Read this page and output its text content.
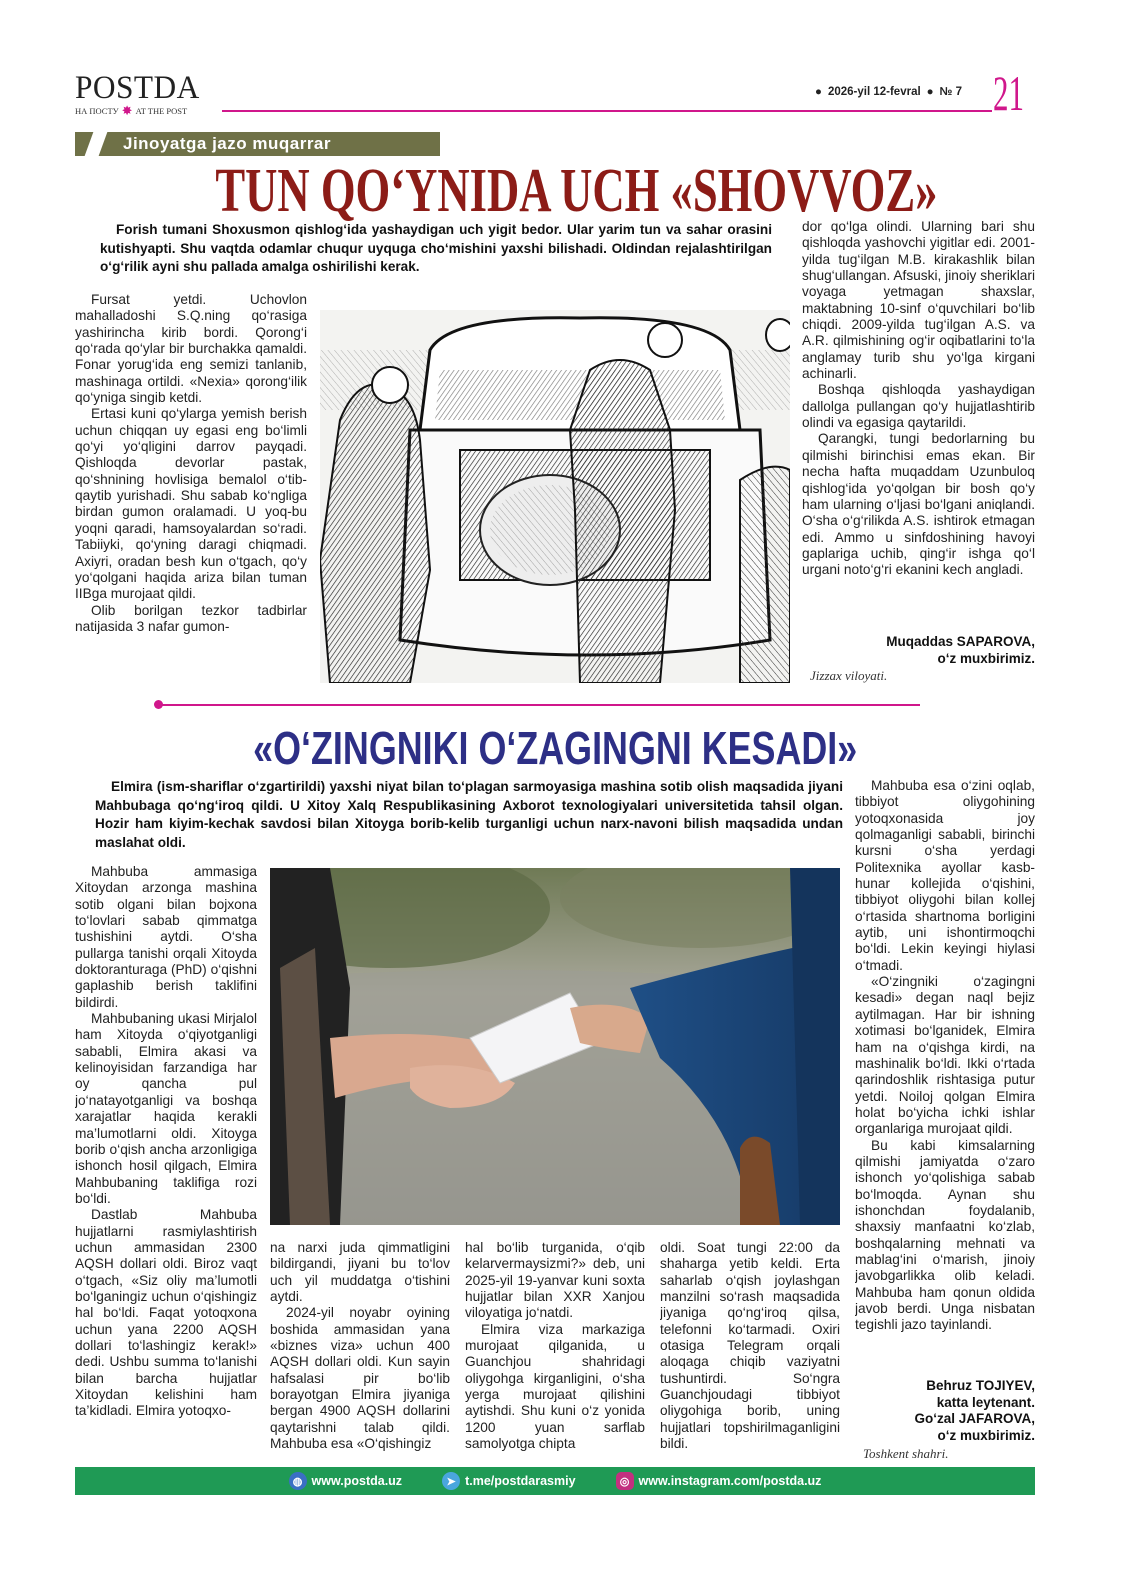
POSTDA
НА ПОСТУ ✸ AT THE POST
● 2026-yil 12-fevral ● № 7 21
Jinoyatga jazo muqarrar
TUN QO‘YNIDA UCH «SHOVVOZ»
Forish tumani Shoxusmon qishlog‘ida yashaydigan uch yigit bedor. Ular yarim tun va sahar orasini kutishyapti. Shu vaqtda odamlar chuqur uyquga cho‘mishini yaxshi bilishadi. Oldindan rejalashtirilgan o‘g‘rilik ayni shu pallada amalga oshirilishi kerak.

Fursat yetdi. Uchovlon mahalladoshi S.Q.ning qo‘rasiga yashirincha kirib bordi. Qorong‘i qo‘rada qo‘ylar bir burchakka qamaldi. Fonar yorug‘ida eng semizi tanlanib, mashinaga ortildi. «Nexia» qorong‘ilik qo‘yniga singib ketdi.

Ertasi kuni qo‘ylarga yemish berish uchun chiqqan uy egasi eng bo‘limli qo‘yi yo‘qligini darrov payqadi. Qishloqda devorlar pastak, qo‘shnining hovlisiga bemalol o‘tib-qaytib yurishadi. Shu sabab ko‘ngliga birdan gumon oralamadi. U yoq-bu yoqni qaradi, hamsoyalardan so‘radi. Tabiiyki, qo‘yning daragi chiqmadi. Axiyri, oradan besh kun o‘tgach, qo‘y yo‘qolgani haqida ariza bilan tuman IIBga murojaat qildi.

Olib borilgan tezkor tadbirlar natijasida 3 nafar gumon-

dor qo‘lga olindi. Ularning bari shu qishloqda yashovchi yigitlar edi. 2001-yilda tug‘ilgan M.B. kirakashlik bilan shug‘ullangan. Afsuski, jinoiy sheriklari voyaga yetmagan shaxslar, maktabning 10-sinf o‘quvchilari bo‘lib chiqdi. 2009-yilda tug‘ilgan A.S. va A.R. qilmishining og‘ir oqibatlarini to‘la anglamay turib shu yo‘lga kirgani achinarli.

Boshqa qishloqda yashaydigan dallolga pullangan qo‘y hujjatlashtirib olindi va egasiga qaytarildi.

Qarangki, tungi bedorlarning bu qilmishi birinchisi emas ekan. Bir necha hafta muqaddam Uzunbuloq qishlog‘ida yo‘qolgan bir bosh qo‘y ham ularning o‘ljasi bo‘lgani aniqlandi. O‘sha o‘g‘rilikda A.S. ishtirok etmagan edi. Ammo u sinfdoshining havoyi gaplariga uchib, qing‘ir ishga qo‘l urgani noto‘g‘ri ekanini kech angladi.

Muqaddas SAPAROVA,
o‘z muxbirimiz.
Jizzax viloyati.
«O‘ZINGNIKI O‘ZAGINGNI KESADI»
Elmira (ism-shariflar o‘zgartirildi) yaxshi niyat bilan to‘plagan sarmoyasiga mashina sotib olish maqsadida jiyani Mahbubaga qo‘ng‘iroq qildi. U Xitoy Xalq Respublikasining Axborot texnologiyalari universitetida tahsil olgan. Hozir ham kiyim-kechak savdosi bilan Xitoyga borib-kelib turganligi uchun narx-navoni bilish maqsadida undan maslahat oldi.

Mahbuba ammasiga Xitoydan arzonga mashina sotib olgani bilan bojxona to‘lovlari sabab qimmatga tushishini aytdi. O‘sha pullarga tanishi orqali Xitoyda doktoranturaga (PhD) o‘qishni gaplashib berish taklifini bildirdi.

Mahbubaning ukasi Mirjalol ham Xitoyda o‘qiyotganligi sababli, Elmira akasi va kelinoyisidan farzandiga har oy qancha pul jo‘natayotganligi va boshqa xarajatlar haqida kerakli ma’lumotlarni oldi. Xitoyga borib o‘qish ancha arzonligiga ishonch hosil qilgach, Elmira Mahbubaning taklifiga rozi bo‘ldi.

Dastlab Mahbuba hujjatlarni rasmiylashtirish uchun ammasidan 2300 AQSH dollari oldi. Biroz vaqt o‘tgach, «Siz oliy ma’lumotli bo‘lganingiz uchun o‘qishingiz hal bo‘ldi. Faqat yotoqxona uchun yana 2200 AQSH dollari to‘lashingiz kerak!» dedi. Ushbu summa to‘lanishi bilan barcha hujjatlar Xitoydan kelishini ham ta’kidladi. Elmira yotoqxo-

na narxi juda qimmatligini bildirgandi, jiyani bu to‘lov uch yil muddatga o‘tishini aytdi.

2024-yil noyabr oyining boshida ammasidan yana «biznes viza» uchun 400 AQSH dollari oldi. Kun sayin hafsalasi pir bo‘lib borayotgan Elmira jiyaniga bergan 4900 AQSH dollarini qaytarishni talab qildi. Mahbuba esa «O‘qishingiz

hal bo‘lib turganida, o‘qib kelarvermaysizmi?» deb, uni 2025-yil 19-yanvar kuni soxta hujjatlar bilan XXR Xanjou viloyatiga jo‘natdi.

Elmira viza markaziga murojaat qilganida, u Guanchjou shahridagi oliygohga kirganligini, o‘sha yerga murojaat qilishini aytishdi. Shu kuni o‘z yonida 1200 yuan sarflab samolyotga chipta

oldi. Soat tungi 22:00 da shaharga yetib keldi. Erta saharlab o‘qish joylashgan manzilni so‘rash maqsadida jiyaniga qo‘ng‘iroq qilsa, telefonni ko‘tarmadi. Oxiri otasiga Telegram orqali aloqaga chiqib vaziyatni tushuntirdi. So‘ngra Guanchjoudagi tibbiyot oliygohiga borib, uning hujjatlari topshirilmaganligini bildi.

Mahbuba esa o‘zini oqlab, tibbiyot oliygohining yotoqxonasida joy qolmaganligi sababli, birinchi kursni o‘sha yerdagi Politexnika ayollar kasb-hunar kollejida o‘qishini, tibbiyot oliygohi bilan kollej o‘rtasida shartnoma borligini aytib, uni ishontirmoqchi bo‘ldi. Lekin keyingi hiylasi o‘tmadi.

«O‘zingniki o‘zagingni kesadi» degan naql bejiz aytilmagan. Har bir ishning xotimasi bo‘lganidek, Elmira ham na o‘qishga kirdi, na mashinalik bo‘ldi. Ikki o‘rtada qarindoshlik rishtasiga putur yetdi. Noiloj qolgan Elmira holat bo‘yicha ichki ishlar organlariga murojaat qildi.

Bu kabi kimsalarning qilmishi jamiyatda o‘zaro ishonch yo‘qolishiga sabab bo‘lmoqda. Aynan shu ishonchdan foydalanib, shaxsiy manfaatni ko‘zlab, boshqalarning mehnati va mablag‘ini o‘marish, jinoiy javobgarlikka olib keladi. Mahbuba ham qonun oldida javob berdi. Unga nisbatan tegishli jazo tayinlandi.

Behruz TOJIYEV,
katta leytenant.
Go‘zal JAFAROVA,
o‘z muxbirimiz.
Toshkent shahri.
◍ www.postda.uz	➤ t.me/postdarasmiy	◎ www.instagram.com/postda.uz
